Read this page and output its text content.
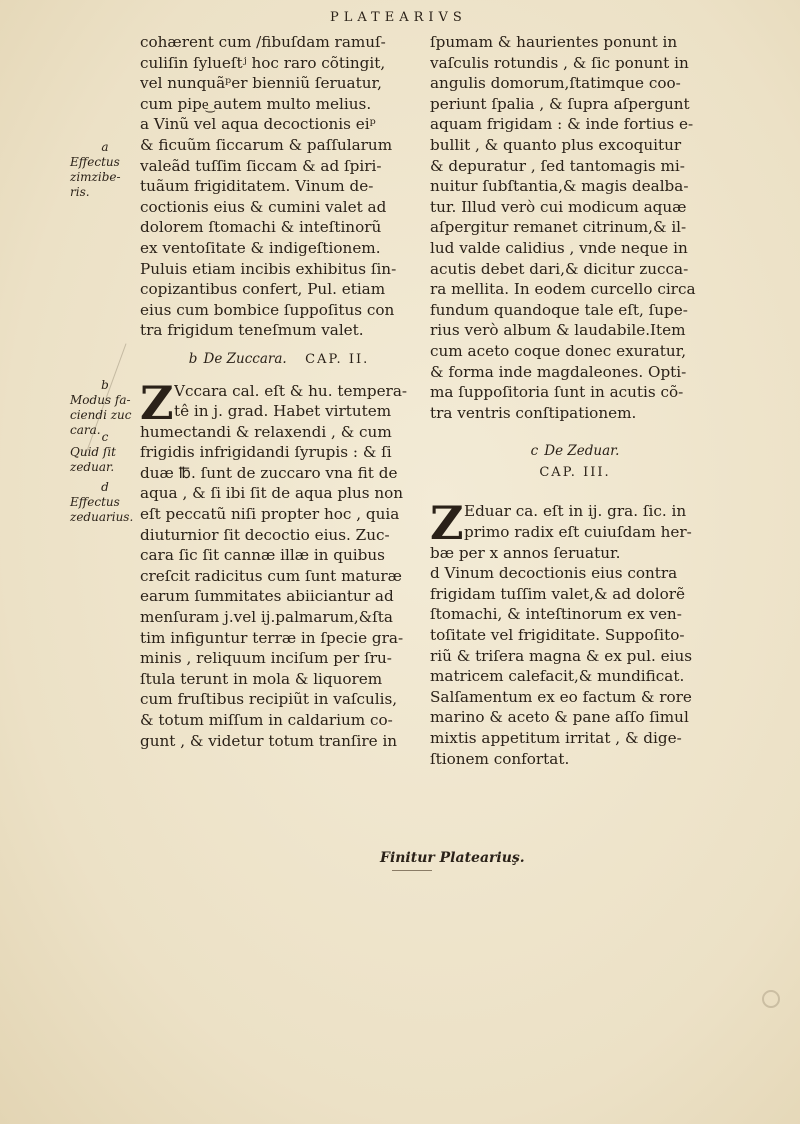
PLATEARIVS
cohærent cum /fibuſdam ramuſ-
culiſin ſylueſtʲ hoc raro cõtingit,
vel nunquãᵖer bienniũ ſeruatur,
cum pipe͜ autem multo melius.
a Vinũ vel aqua decoctionis eiᵖ
& ficuũm ſiccarum & paſſularum
valeãd tuſſim ſiccam & ad ſpiri-
tuãum frigiditatem. Vinum de-
coctionis eius & cumini valet ad
dolorem ſtomachi & inteſtinorũ
ex ventoſitate & indigeſtionem.
Puluis etiam incibis exhibitus ſin-
copizantibus confert, Pul. etiam
eius cum bombice ſuppoſitus con
tra frigidum teneſmum valet.
b De Zuccara. CAP. II.
Z Vccara cal. eſt & hu. tempera-
tê in j. grad. Habet virtutem
humectandi & relaxendi , & cum
frigidis infrigidandi ſyrupis : & ſi
duæ ℔. ſunt de zuccaro vna fit de
aqua , & ſi ibi ſit de aqua plus non
eſt peccatũ niſi propter hoc , quia
diuturnior ſit decoctio eius. Zuc-
cara ſic ſit cannæ illæ in quibus
creſcit radicitus cum ſunt maturæ
earum ſummitates abiiciantur ad
menſuram j.vel ij.palmarum,&ſta
tim infiguntur terræ in ſpecie gra-
minis , reliquum inciſum per ſru-
ſtula terunt in mola & liquorem
cum fruſtibus recipiũt in vaſculis,
& totum miſſum in caldarium co-
gunt , & videtur totum tranſire in
ſpumam & haurientes ponunt in
vaſculis rotundis , & ſic ponunt in
angulis domorum,ſtatimque coo-
periunt ſpalia , & ſupra aſpergunt
aquam frigidam : & inde fortius e-
bullit , & quanto plus excoquitur
& depuratur , ſed tantomagis mi-
nuitur ſubſtantia,& magis dealba-
tur. Illud verò cui modicum aquæ
aſpergitur remanet citrinum,& il-
lud valde calidius , vnde neque in
acutis debet dari,& dicitur zucca-
ra mellita. In eodem curcello circa
fundum quandoque tale eſt, ſupe-
rius verò album & laudabile.Item
cum aceto coque donec exuratur,
& forma inde magdaleones. Opti-
ma ſuppoſitoria ſunt in acutis cõ-
tra ventris conſtipationem.
c De Zeduar.
CAP. III.
Z Eduar ca. eſt in ij. gra. ſic. in
primo radix eſt cuiuſdam her-
bæ per x annos ſeruatur.
d Vinum decoctionis eius contra
frigidam tuſſim valet,& ad dolorẽ
ſtomachi, & inteſtinorum ex ven-
toſitate vel frigiditate. Suppoſito-
riũ & triſera magna & ex pul. eius
matricem calefacit,& mundificat.
Salſamentum ex eo factum & rore
marino & aceto & pane aſſo ſimul
mixtis appetitum irritat , & dige-
ſtionem confortat.
a
Effectus zimzibe-ris.
b
Modus fa-ciendi zuc cara. c
Quid ſit zeduar.
d
Effectus zeduarius.
Finitur Plateariuş.
